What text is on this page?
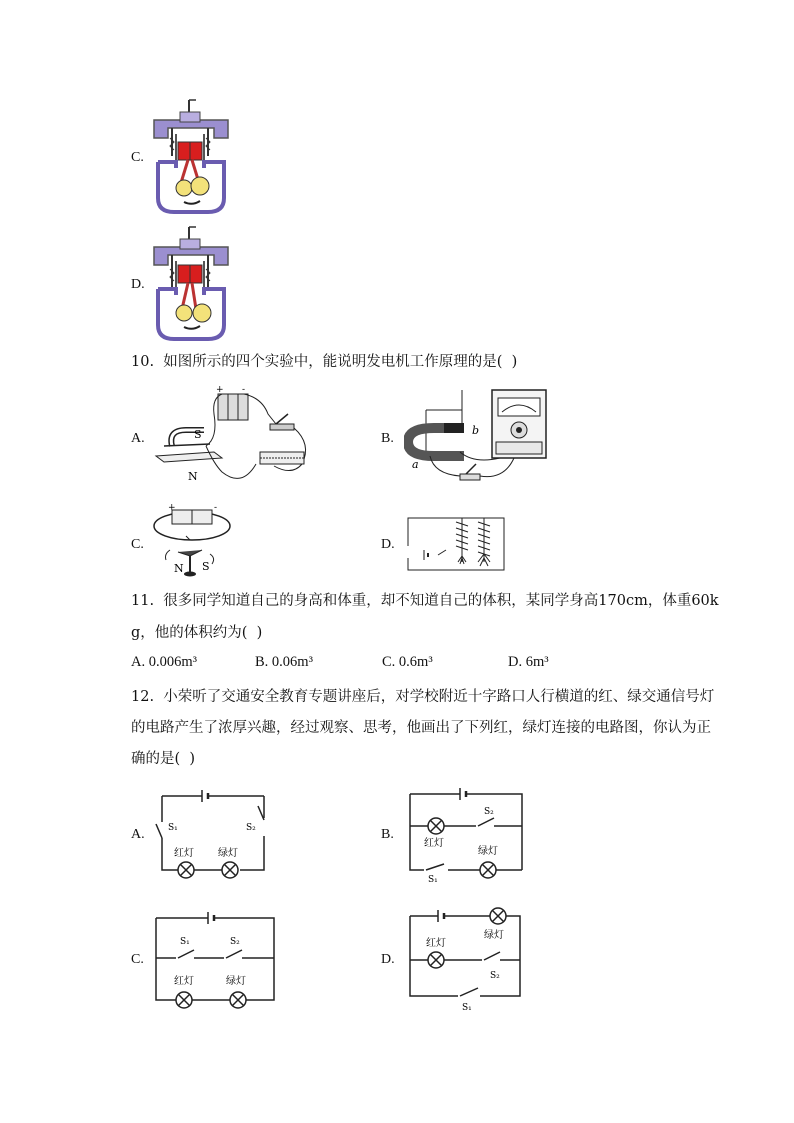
C.
D.
10.  如图所示的四个实验中，能说明发电机工作原理的是(  )
A.
+ -
S
N
B.
a
b
C.
+	-
N S
D.
11.  很多同学知道自己的身高和体重，却不知道自己的体积，某同学身高170cm，体重60k
g，他的体积约为(  )
A. 0.006m³	B. 0.06m³	C. 0.6m³	D. 6m³
12.  小荣听了交通安全教育专题讲座后，对学校附近十字路口人行横道的红、绿交通信号灯
的电路产生了浓厚兴趣，经过观察、思考，他画出了下列红，绿灯连接的电路图，你认为正
确的是(  )
A.	S₁	S₂
红灯 绿灯
B.
S₂
红灯
绿灯
S₁
C.
S₁	S₂
红灯	绿灯
D.
绿灯
红灯
S₂
S₁
